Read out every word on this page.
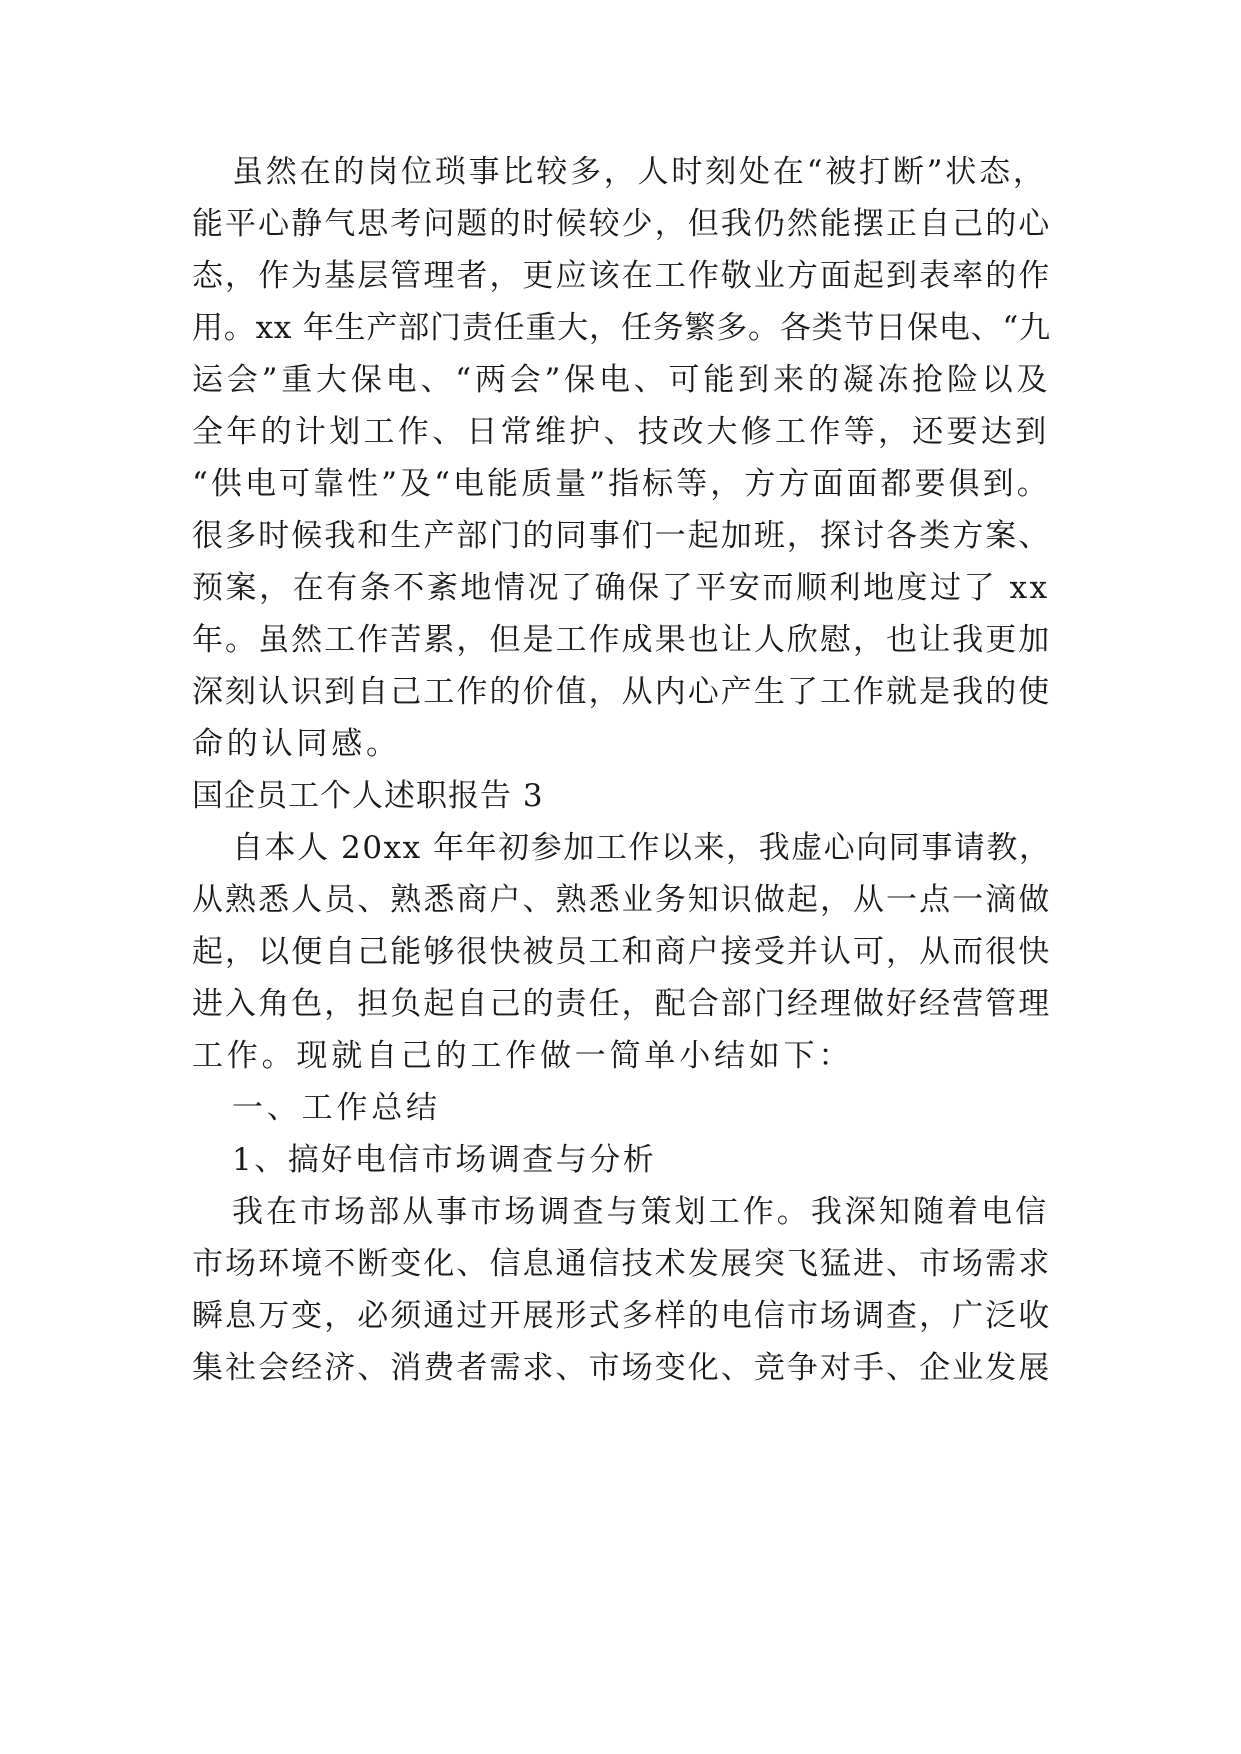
虽然在的岗位琐事比较多，人时刻处在“被打断”状态，
能平心静气思考问题的时候较少，但我仍然能摆正自己的心
态，作为基层管理者，更应该在工作敬业方面起到表率的作
用。xx 年生产部门责任重大，任务繁多。各类节日保电、“九
运会”重大保电、“两会”保电、可能到来的凝冻抢险以及
全年的计划工作、日常维护、技改大修工作等，还要达到
“供电可靠性”及“电能质量”指标等，方方面面都要俱到。
很多时候我和生产部门的同事们一起加班，探讨各类方案、
预案，在有条不紊地情况了确保了平安而顺利地度过了 xx
年。虽然工作苦累，但是工作成果也让人欣慰，也让我更加
深刻认识到自己工作的价值，从内心产生了工作就是我的使
命的认同感。
国企员工个人述职报告 3
自本人 20xx 年年初参加工作以来，我虚心向同事请教，
从熟悉人员、熟悉商户、熟悉业务知识做起，从一点一滴做
起，以便自己能够很快被员工和商户接受并认可，从而很快
进入角色，担负起自己的责任，配合部门经理做好经营管理
工作。现就自己的工作做一简单小结如下：
一、工作总结
1、搞好电信市场调查与分析
我在市场部从事市场调查与策划工作。我深知随着电信
市场环境不断变化、信息通信技术发展突飞猛进、市场需求
瞬息万变，必须通过开展形式多样的电信市场调查，广泛收
集社会经济、消费者需求、市场变化、竞争对手、企业发展
